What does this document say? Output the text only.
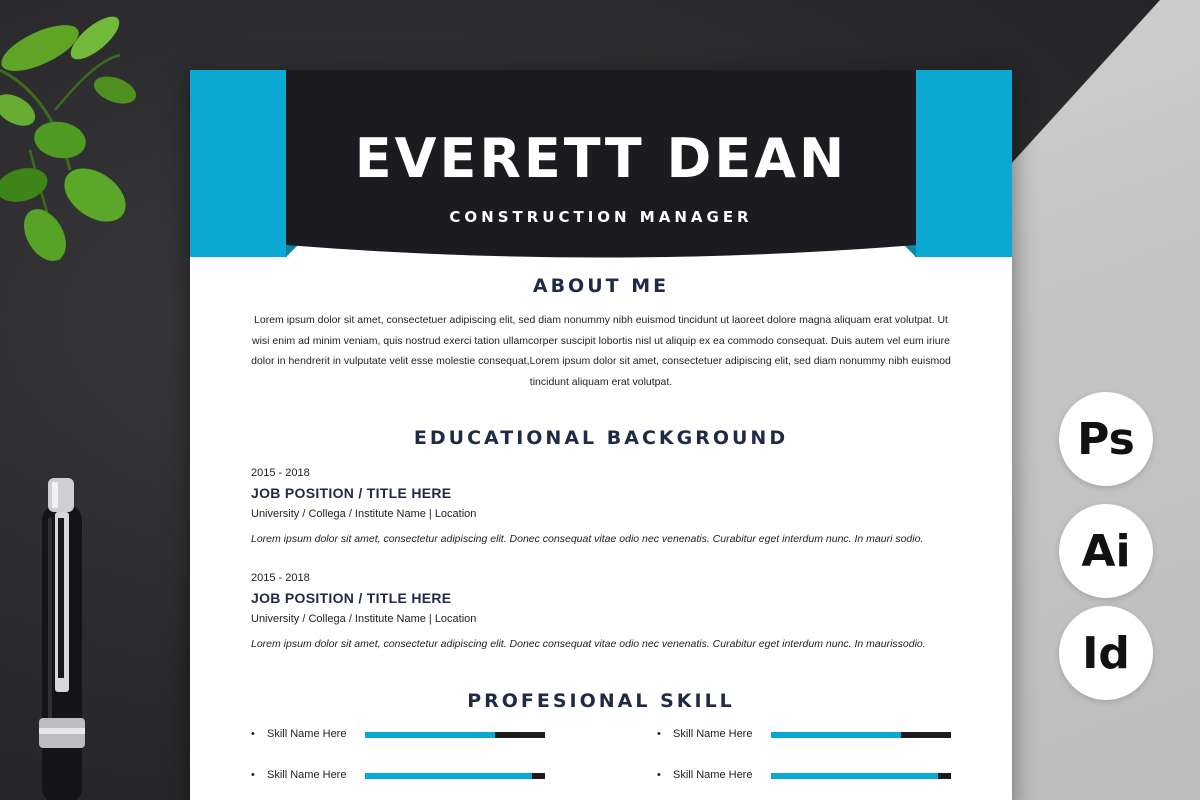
EVERETT DEAN
CONSTRUCTION MANAGER
ABOUT ME
Lorem ipsum dolor sit amet, consectetuer adipiscing elit, sed diam nonummy nibh euismod tincidunt ut laoreet dolore magna aliquam erat volutpat. Ut wisi enim ad minim veniam, quis nostrud exerci tation ullamcorper suscipit lobortis nisl ut aliquip ex ea commodo consequat. Duis autem vel eum iriure dolor in hendrerit in vulputate velit esse molestie consequat,Lorem ipsum dolor sit amet, consectetuer adipiscing elit, sed diam nonummy nibh euismod tincidunt aliquam erat volutpat.
EDUCATIONAL BACKGROUND
2015 - 2018
JOB POSITION / TITLE HERE
University / Collega / Institute Name | Location
Lorem ipsum dolor sit amet, consectetur adipiscing elit. Donec consequat vitae odio nec venenatis. Curabitur eget interdum nunc. In mauri sodio.
2015 - 2018
JOB POSITION / TITLE HERE
University / Collega / Institute Name | Location
Lorem ipsum dolor sit amet, consectetur adipiscing elit. Donec consequat vitae odio nec venenatis. Curabitur eget interdum nunc. In maurissodio.
PROFESIONAL SKILL
• Skill Name Here	• Skill Name Here
• Skill Name Here	• Skill Name Here
Ps
Ai
Id
